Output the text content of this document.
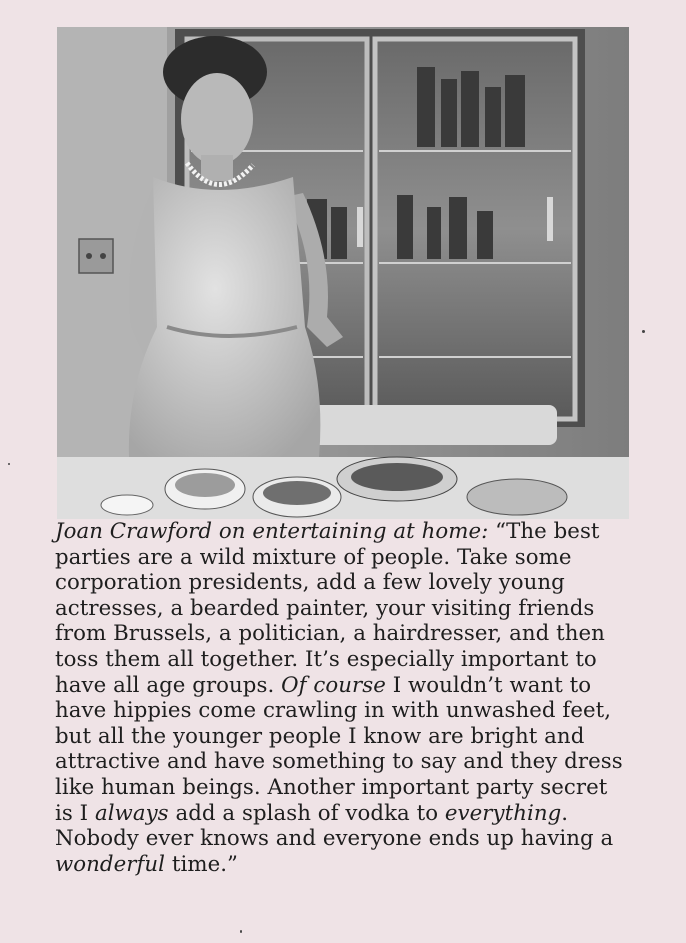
Joan Crawford on entertaining at home: “The best
parties are a wild mixture of people. Take some
corporation presidents, add a few lovely young
actresses, a bearded painter, your visiting friends
from Brussels, a politician, a hairdresser, and then
toss them all together. It’s especially important to
have all age groups. Of course I wouldn’t want to
have hippies come crawling in with unwashed feet,
but all the younger people I know are bright and
attractive and have something to say and they dress
like human beings. Another important party secret
is I always add a splash of vodka to everything.
Nobody ever knows and everyone ends up having a
wonderful time.”
